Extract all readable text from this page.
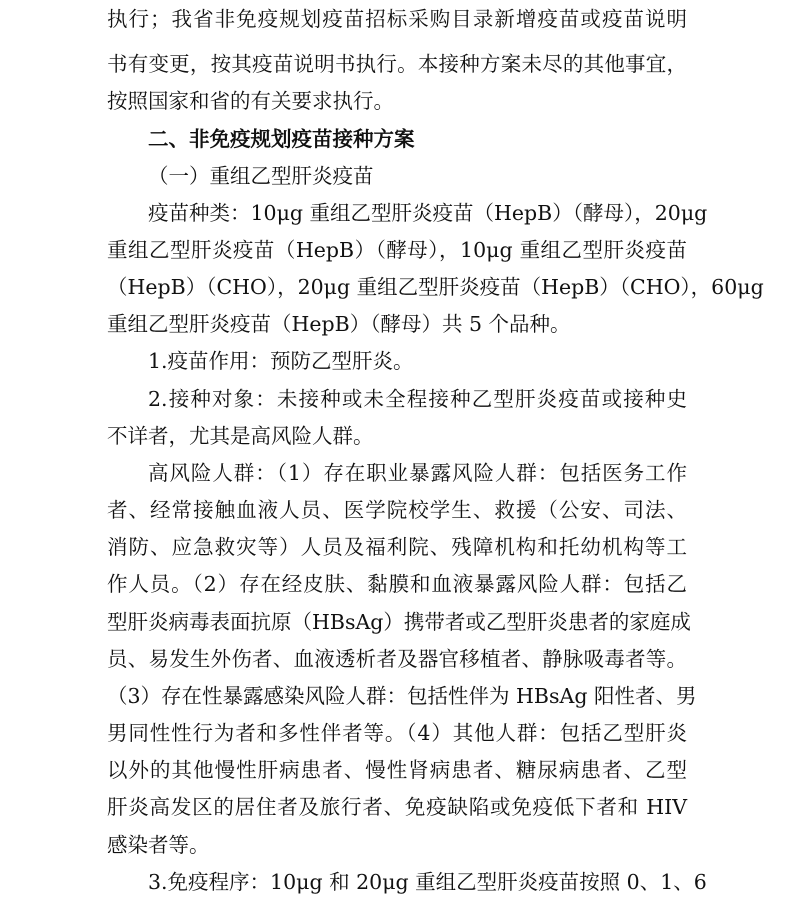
执行；我省非免疫规划疫苗招标采购目录新增疫苗或疫苗说明
书有变更，按其疫苗说明书执行。本接种方案未尽的其他事宜，
按照国家和省的有关要求执行。
二、非免疫规划疫苗接种方案
（一）重组乙型肝炎疫苗
疫苗种类：10μg 重组乙型肝炎疫苗（HepB）（酵母），20μg
重组乙型肝炎疫苗（HepB）（酵母），10μg 重组乙型肝炎疫苗
（HepB）（CHO），20μg 重组乙型肝炎疫苗（HepB）（CHO），60μg
重组乙型肝炎疫苗（HepB）（酵母）共 5 个品种。
1.疫苗作用：预防乙型肝炎。
2.接种对象：未接种或未全程接种乙型肝炎疫苗或接种史
不详者，尤其是高风险人群。
高风险人群：（1）存在职业暴露风险人群：包括医务工作
者、经常接触血液人员、医学院校学生、救援（公安、司法、
消防、应急救灾等）人员及福利院、残障机构和托幼机构等工
作人员。（2）存在经皮肤、黏膜和血液暴露风险人群：包括乙
型肝炎病毒表面抗原（HBsAg）携带者或乙型肝炎患者的家庭成
员、易发生外伤者、血液透析者及器官移植者、静脉吸毒者等。
（3）存在性暴露感染风险人群：包括性伴为 HBsAg 阳性者、男
男同性性行为者和多性伴者等。（4）其他人群：包括乙型肝炎
以外的其他慢性肝病患者、慢性肾病患者、糖尿病患者、乙型
肝炎高发区的居住者及旅行者、免疫缺陷或免疫低下者和 HIV
感染者等。
3.免疫程序：10μg 和 20μg 重组乙型肝炎疫苗按照 0、1、6
